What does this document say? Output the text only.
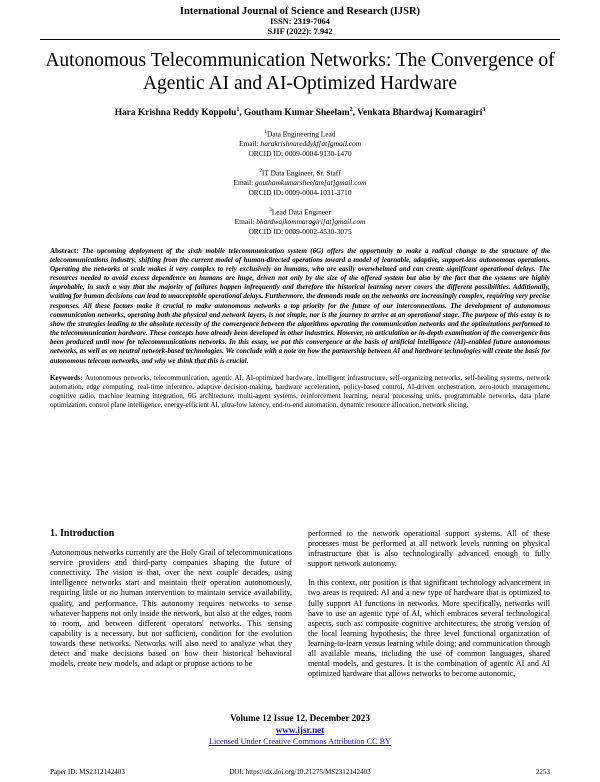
International Journal of Science and Research (IJSR)
ISSN: 2319-7064
SJIF (2022): 7.942
Autonomous Telecommunication Networks: The Convergence of Agentic AI and AI-Optimized Hardware
Hara Krishna Reddy Koppolu$^1$, Goutham Kumar Sheelam$^2$, Venkata Bhardwaj Komaragiri$^3$
$^1$Data Engineering Lead
Email: harakrishnareddykf[at]gmail.com
ORCID ID: 0009-0004-9130-1470
$^2$IT Data Engineer, Sr. Staff
Email: gouthamkumarsheelam[at]gmail.com
ORCID ID: 0009-0004-1031-3710
$^3$Lead Data Engineer
Email: bhardwajkommaragiri[at]gmail.com
ORCID ID: 0009-0002-4530-3075
Abstract: The upcoming deployment of the sixth mobile telecommunication system (6G) offers the opportunity to make a radical change to the structure of the telecommunications industry, shifting from the current model of human-directed operations toward a model of learnable, adaptive, support-less autonomous operations. Operating the networks at scale makes it very complex to rely exclusively on humans, who are easily overwhelmed and can create significant operational delays. The resources needed to avoid excess dependence on humans are huge, driven not only by the size of the offered system but also by the fact that the systems are highly improbable, in such a way that the majority of failures happen infrequently and therefore the historical learning never covers the different possibilities. Additionally, waiting for human decisions can lead to unacceptable operational delays. Furthermore, the demands made on the networks are increasingly complex, requiring very precise responses. All these factors make it crucial to make autonomous networks a top priority for the future of our interconnections. The development of autonomous communication networks, operating both the physical and network layers, is not simple, nor is the journey to arrive at an operational stage. The purpose of this essay is to show the strategies leading to the absolute necessity of the convergence between the algorithms operating the communication networks and the optimizations performed to the telecommunication hardware. These concepts have already been developed in other industries. However, no articulation or in-depth examination of the convergence has been produced until now for telecommunications networks. In this essay, we put this convergence at the basis of artificial intelligence (AI)-enabled future autonomous networks, as well as on neutral network-based technologies. We conclude with a note on how the partnership between AI and hardware technologies will create the basis for autonomous telecom networks, and why we think that this is crucial.
Keywords: Autonomous networks, telecommunication, agentic AI, AI-optimized hardware, intelligent infrastructure, self-organizing networks, self-healing systems, network automation, edge computing, real-time inference, adaptive decision-making, hardware acceleration, policy-based control, AI-driven orchestration, zero-touch management, cognitive radio, machine learning integration, 6G architecture, multi-agent systems, reinforcement learning, neural processing units, programmable networks, data plane optimization, control plane intelligence, energy-efficient AI, ultra-low latency, end-to-end automation, dynamic resource allocation, network slicing.
1. Introduction

Autonomous networks currently are the Holy Grail of telecommunications service providers and third-party companies shaping the future of connectivity. The vision is that, over the next couple decades, using intelligence networks start and maintain their operation autonomously, requiring little or no human intervention to maintain service availability, quality, and performance. This autonomy requires networks to sense whatever happens not only inside the network, but also at the edges, room to room, and between different operators' networks. This sensing capability is a necessary, but not sufficient, condition for the evolution towards these networks. Networks will also need to analyze what they detect and make decisions based on how their historical behavioral models, create new models, and adapt or propose actions to be

performed to the network operational support systems. All of these processes must be performed at all network levels running on physical infrastructure that is also technologically advanced enough to fully support network autonomy.

In this context, our position is that significant technology advancement in two areas is required: AI and a new type of hardware that is optimized to fully support AI functions in networks. More specifically, networks will have to use an agentic type of AI, which embraces several technological aspects, such as: composite cognitive architectures; the strong version of the local learning hypothesis; the three level functional organization of learning-to-learn versus learning while doing; and communication through all available means, including the use of common languages, shared mental models, and gestures. It is the combination of agentic AI and AI optimized hardware that allows networks to become autonomic,

Volume 12 Issue 12, December 2023
www.ijsr.net
Licensed Under Creative Commons Attribution CC BY
Paper ID: MS2312142403	DOI: https://dx.doi.org/10.21275/MS2312142403	2253
